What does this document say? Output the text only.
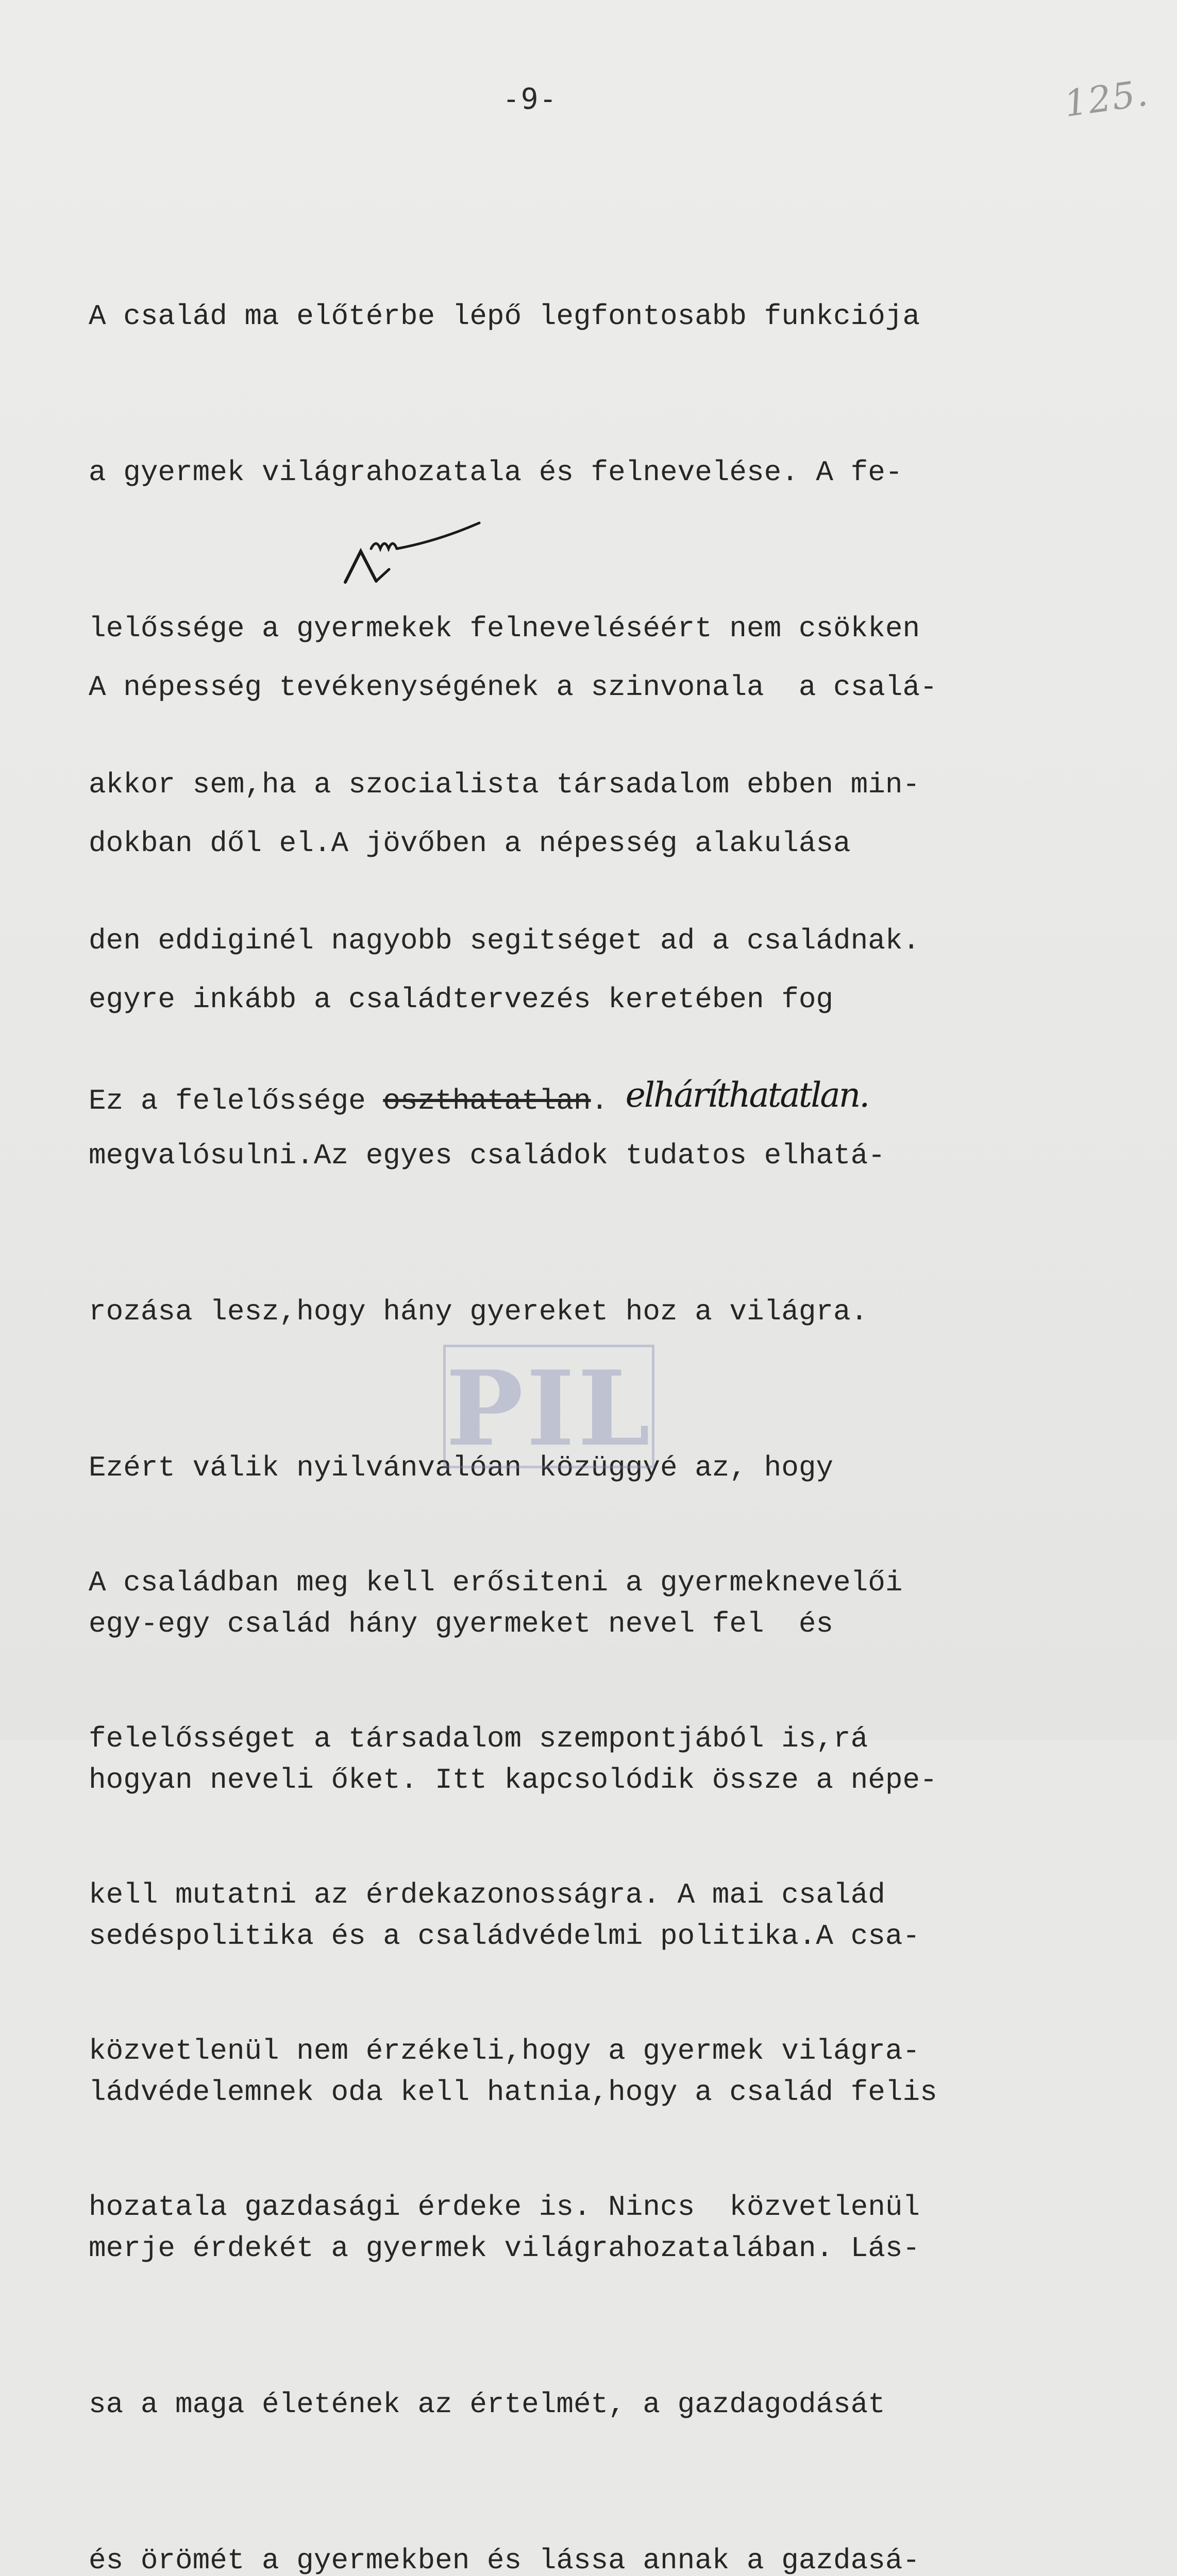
-9-	125.

A család ma előtérbe lépő legfontosabb funkciója

a gyermek világrahozatala és felnevelése. A fe-

lelőssége a gyermekek felneveléséért nem csökken

akkor sem,ha a szocialista társadalom ebben min-

den eddiginél nagyobb segitséget ad a családnak.

Ez a felelőssége oszthatatlan. elháríthatatlan.

A népesség tevékenységének a szinvonala  a csalá-

dokban dől el.A jövőben a népesség alakulása

egyre inkább a családtervezés keretében fog

megvalósulni.Az egyes családok tudatos elhatá-

rozása lesz,hogy hány gyereket hoz a világra.

Ezért válik nyilvánvalóan közüggyé az, hogy

egy-egy család hány gyermeket nevel fel  és

hogyan neveli őket. Itt kapcsolódik össze a népe-

sedéspolitika és a családvédelmi politika.A csa-

ládvédelemnek oda kell hatnia,hogy a család felis

merje érdekét a gyermek világrahozatalában. Lás-

sa a maga életének az értelmét, a gazdagodását

és örömét a gyermekben és lássa annak a gazdasá-

PIL

A családban meg kell erősiteni a gyermeknevelői

felelősséget a társadalom szempontjából is,rá

kell mutatni az érdekazonosságra. A mai család

közvetlenül nem érzékeli,hogy a gyermek világra-

hozatala gazdasági érdeke is. Nincs  közvetlenül
